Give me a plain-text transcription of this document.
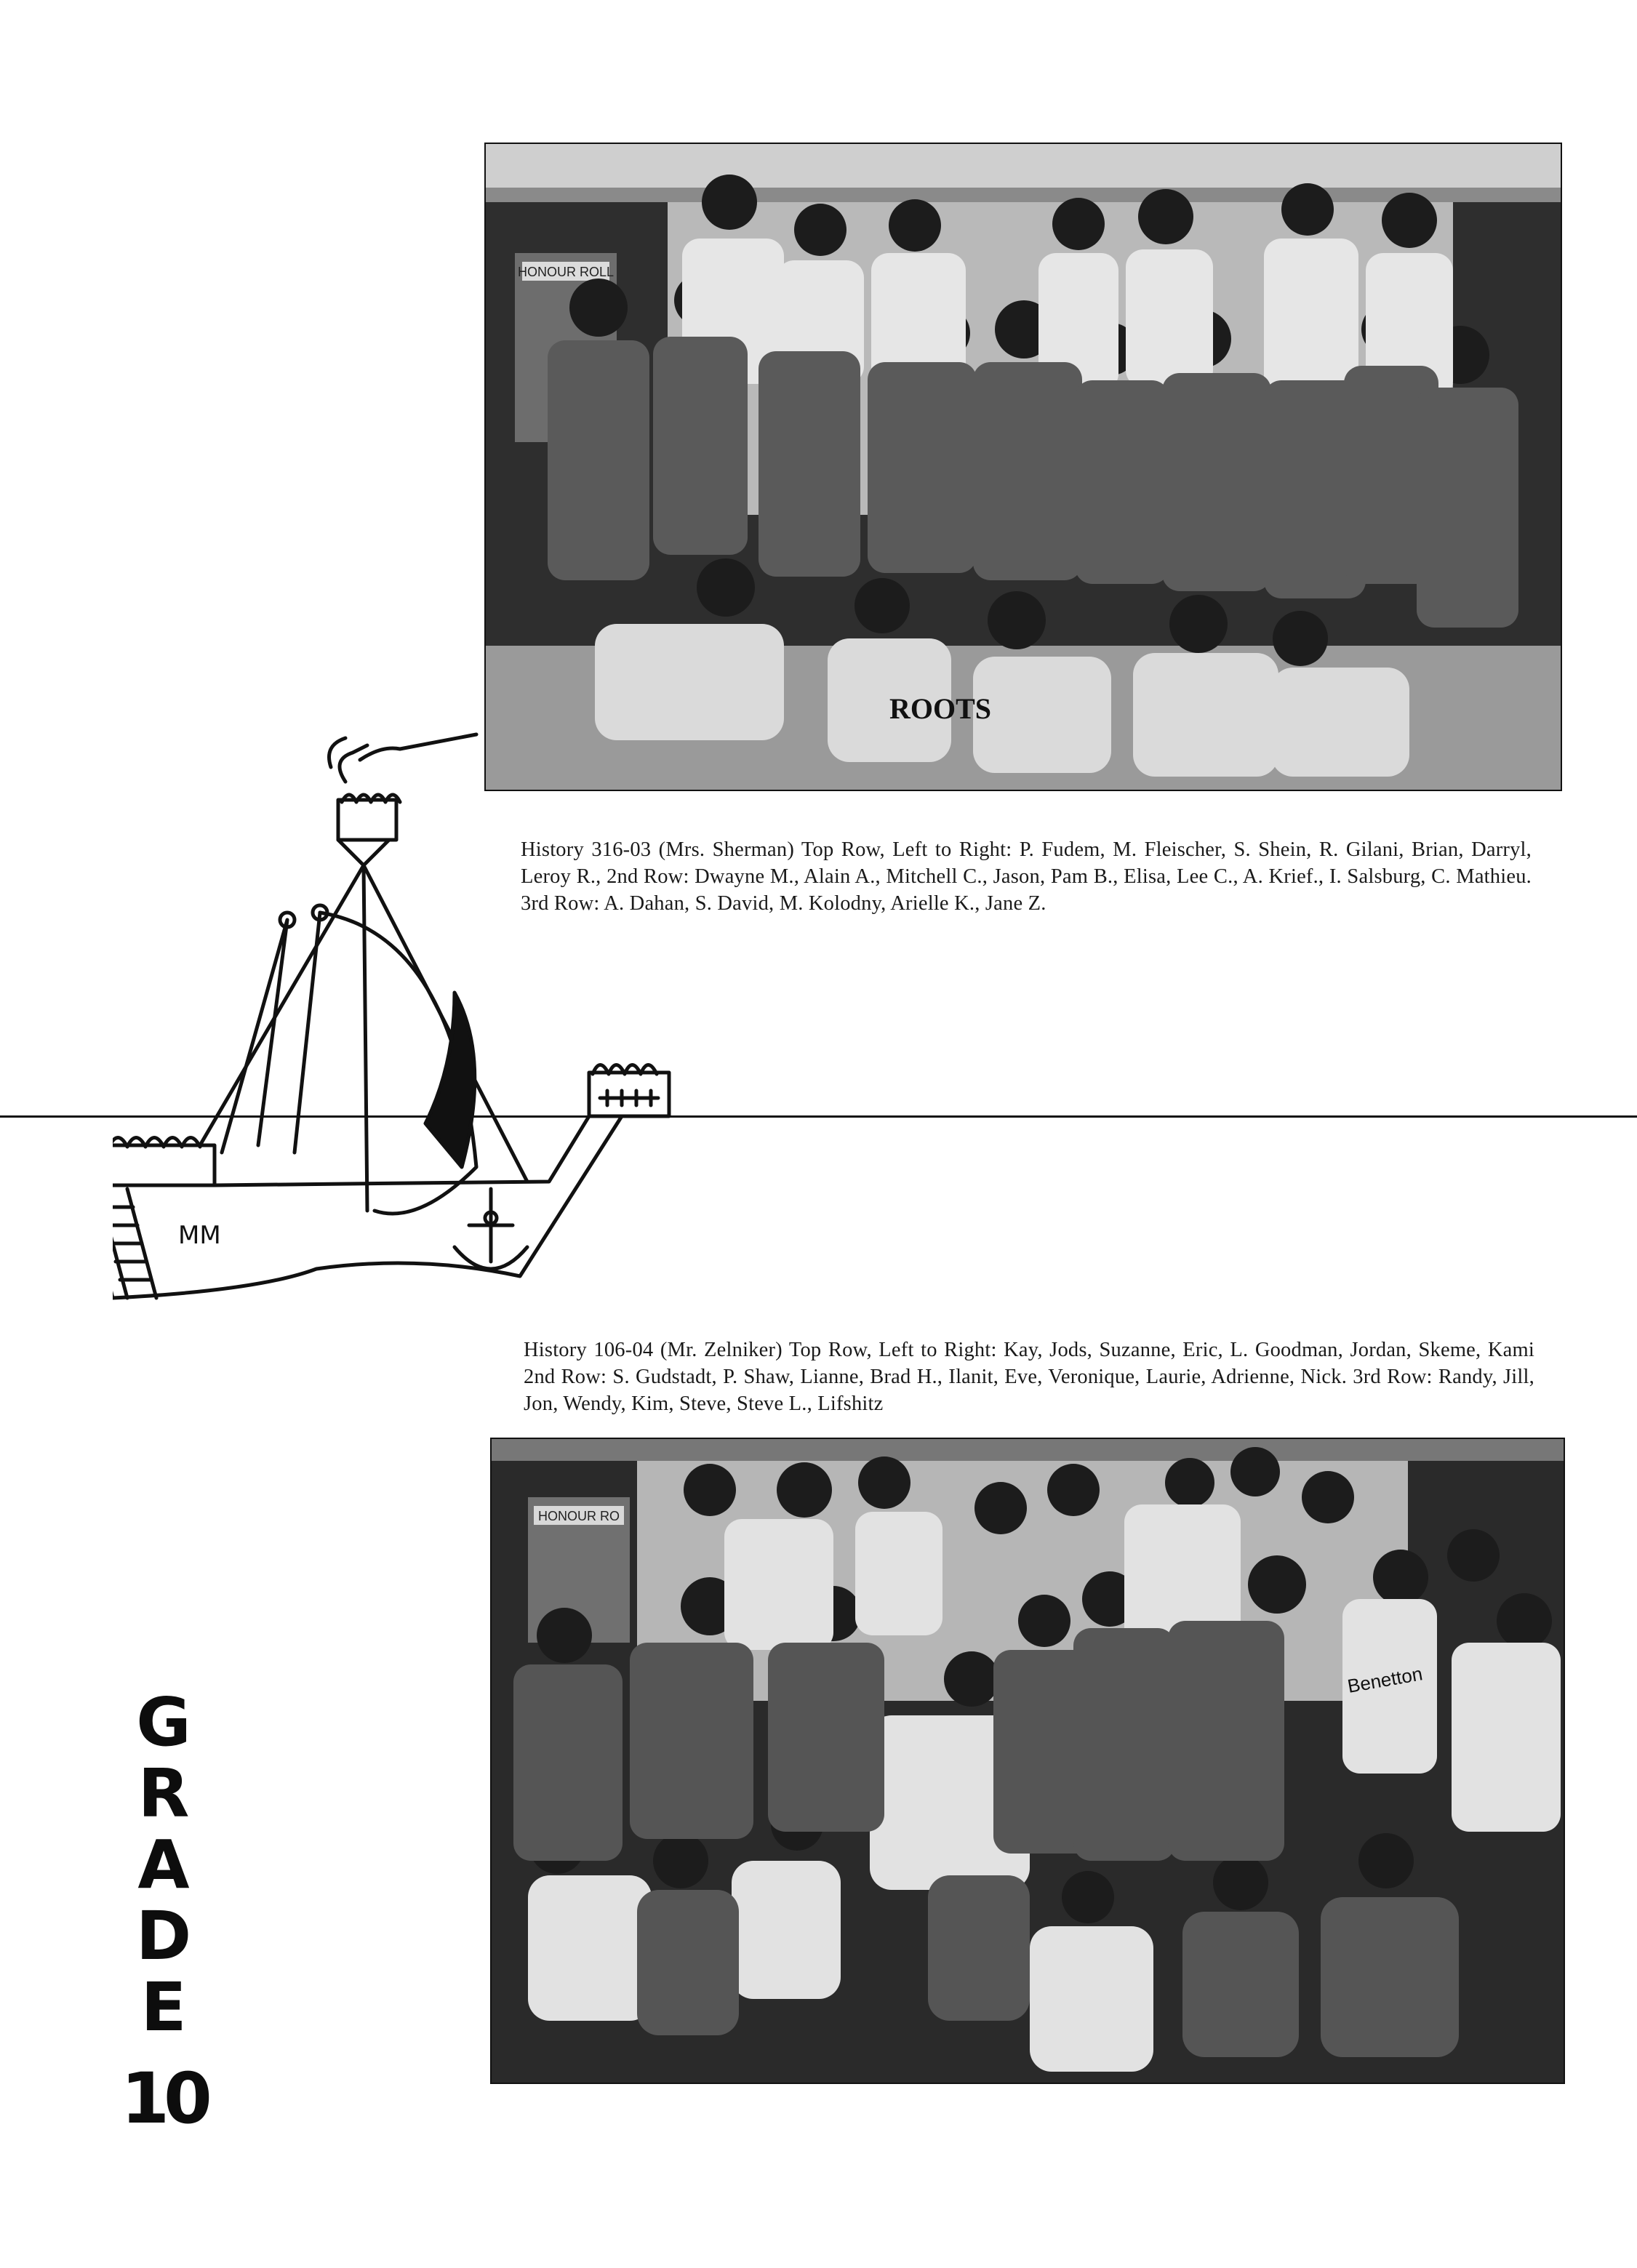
HONOUR ROLL
ROOTS

History 316-03 (Mrs. Sherman) Top Row, Left to Right: P. Fudem, M. Fleischer, S. Shein, R. Gilani, Brian, Darryl, Leroy R., 2nd Row: Dwayne M., Alain A., Mitchell C., Jason, Pam B., Elisa, Lee C., A. Krief., I. Salsburg, C. Mathieu. 3rd Row: A. Dahan, S. David, M. Kolodny, Arielle K., Jane Z.

MM

History 106-04 (Mr. Zelniker) Top Row, Left to Right: Kay, Jods, Suzanne, Eric, L. Goodman, Jordan, Skeme, Kami 2nd Row: S. Gudstadt, P. Shaw, Lianne, Brad H., Ilanit, Eve, Veronique, Laurie, Adrienne, Nick. 3rd Row: Randy, Jill, Jon, Wendy, Kim, Steve, Steve L., Lifshitz

HONOUR RO
Benetton
GRADE
10
